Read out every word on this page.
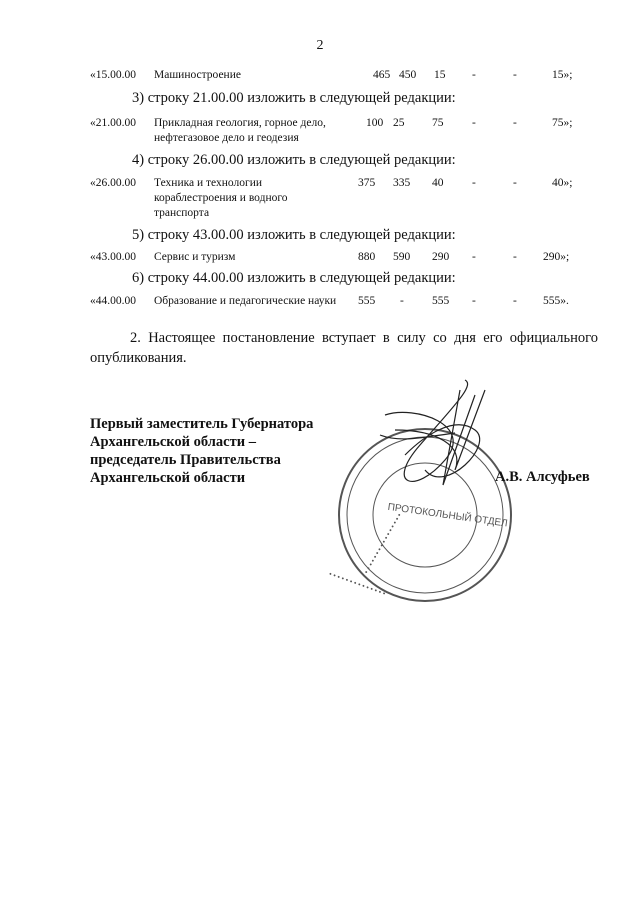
2
«15.00.00 Машиностроение	465 450 15 -	-	15»;
3) строку 21.00.00 изложить в следующей редакции:
«21.00.00 Прикладная геология, горное дело, нефтегазовое дело и геодезия
100 25 75 -	-	75»;
4) строку 26.00.00 изложить в следующей редакции:
«26.00.00 Техника и технологии кораблестроения и водного транспорта
375 335 40 -	-	40»;
5) строку 43.00.00 изложить в следующей редакции:
«43.00.00 Сервис и туризм	880 590 290 -	- 290»;
6) строку 44.00.00 изложить в следующей редакции:
«44.00.00 Образование и педагогические науки	555 - 555 -	- 555».
2. Настоящее постановление вступает в силу со дня его официального опубликования.
• • • • • • • • • • • • • • • •
• • • • • • • • • • • • • •
ПРОТОКОЛЬНЫЙ ОТДЕЛ
Первый заместитель Губернатора
Архангельской области –
председатель Правительства
Архангельской области	А.В. Алсуфьев
